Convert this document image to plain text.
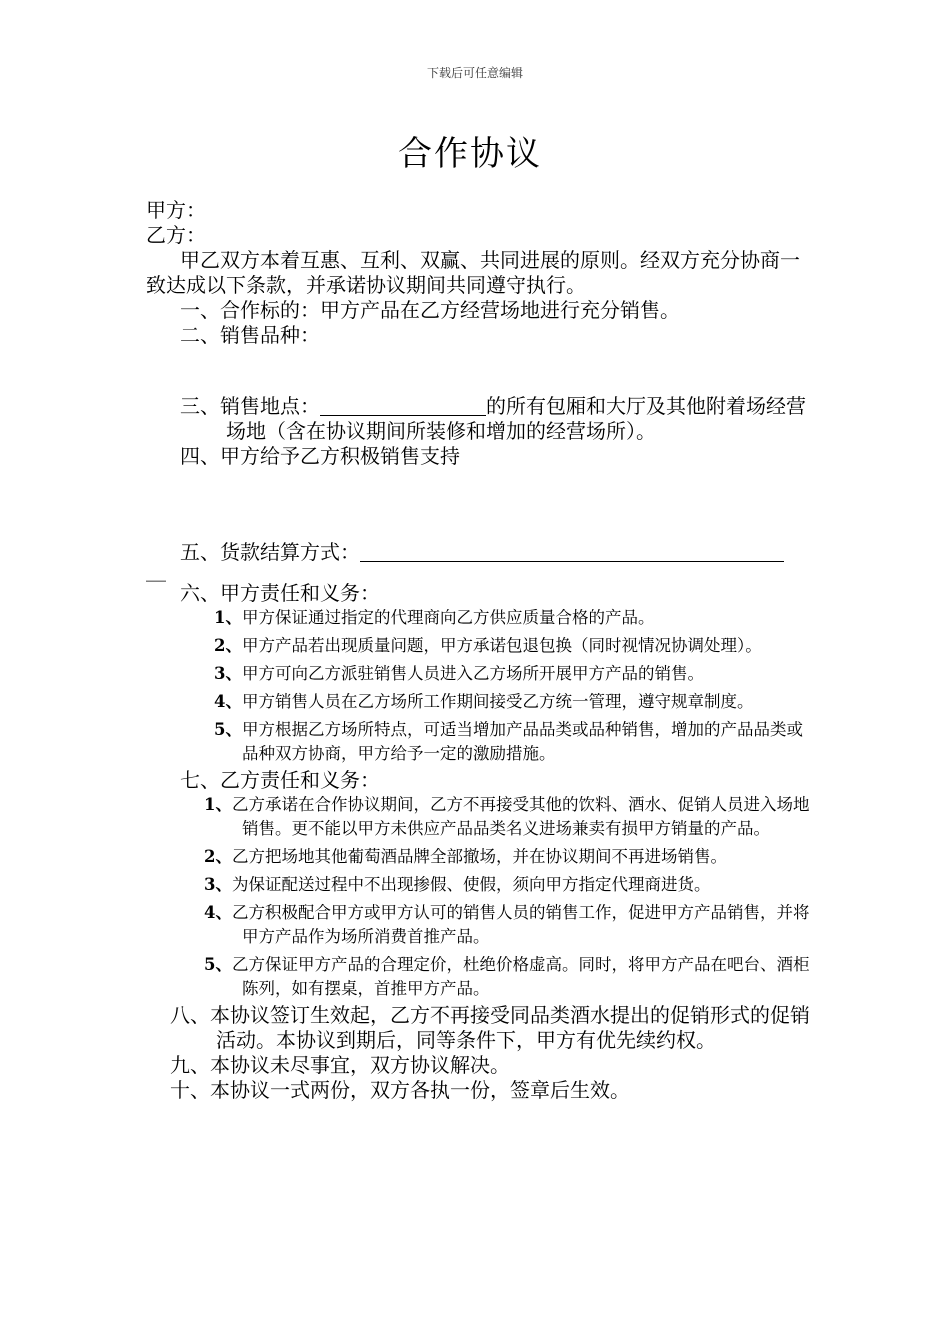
下载后可任意编辑
合作协议
甲方：
乙方：
甲乙双方本着互惠、互利、双赢、共同进展的原则。经双方充分协商一致达成以下条款，并承诺协议期间共同遵守执行。
一、合作标的：甲方产品在乙方经营场地进行充分销售。
二、销售品种：
三、销售地点：	的所有包厢和大厅及其他附着场经营场地（含在协议期间所装修和增加的经营场所）。
四、甲方给予乙方积极销售支持
五、货款结算方式：
__
六、甲方责任和义务：
1、甲方保证通过指定的代理商向乙方供应质量合格的产品。
2、甲方产品若出现质量问题，甲方承诺包退包换（同时视情况协调处理）。
3、甲方可向乙方派驻销售人员进入乙方场所开展甲方产品的销售。
4、甲方销售人员在乙方场所工作期间接受乙方统一管理，遵守规章制度。
5、甲方根据乙方场所特点，可适当增加产品品类或品种销售，增加的产品品类或品种双方协商，甲方给予一定的激励措施。
七、乙方责任和义务：
1、乙方承诺在合作协议期间，乙方不再接受其他的饮料、酒水、促销人员进入场地销售。更不能以甲方未供应产品品类名义进场兼卖有损甲方销量的产品。
2、乙方把场地其他葡萄酒品牌全部撤场，并在协议期间不再进场销售。
3、为保证配送过程中不出现掺假、使假，须向甲方指定代理商进货。
4、乙方积极配合甲方或甲方认可的销售人员的销售工作，促进甲方产品销售，并将甲方产品作为场所消费首推产品。
5、乙方保证甲方产品的合理定价，杜绝价格虚高。同时，将甲方产品在吧台、酒柜陈列，如有摆桌，首推甲方产品。
八、本协议签订生效起，乙方不再接受同品类酒水提出的促销形式的促销活动。本协议到期后，同等条件下，甲方有优先续约权。
九、本协议未尽事宜，双方协议解决。
十、本协议一式两份，双方各执一份，签章后生效。
